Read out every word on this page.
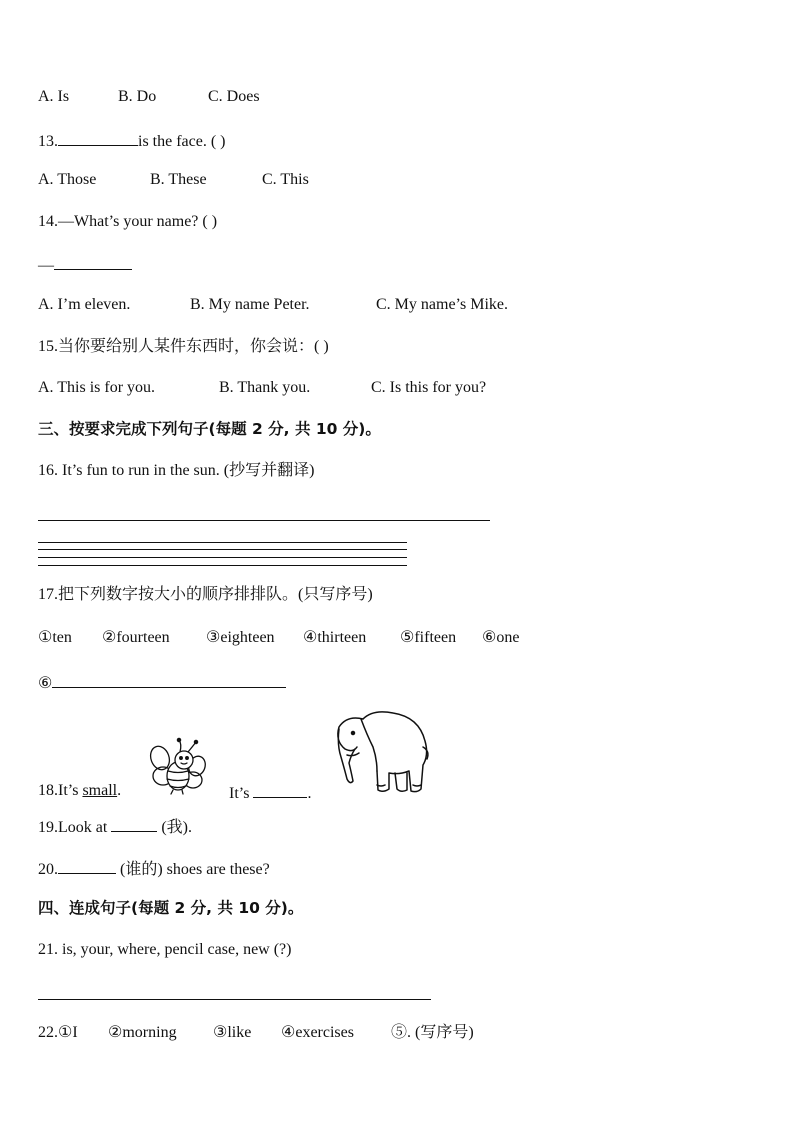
A. Is	B. Do	C. Does
13.	is the face. ( )
A. Those	B. These	C. This
14.—What’s your name? ( )
—
A. I’m eleven.	B. My name Peter.	C. My name’s Mike.
15.当你要给别人某件东西时，你会说：( )
A. This is for you.	B. Thank you.	C. Is this for you?
三、按要求完成下列句子(每题 2 分, 共 10 分)。
16. It’s fun to run in the sun. (抄写并翻译)
17.把下列数字按大小的顺序排排队。(只写序号)
①ten ②fourteen ③eighteen ④thirteen ⑤fifteen ⑥one
⑥
18.It’s small.	It’s	.
19.Look at	(我).
20.	(谁的) shoes are these?
四、连成句子(每题 2 分, 共 10 分)。
21. is, your, where, pencil case, new (?)
22.①I ②morning ③like ④exercises ⑤. (写序号)
